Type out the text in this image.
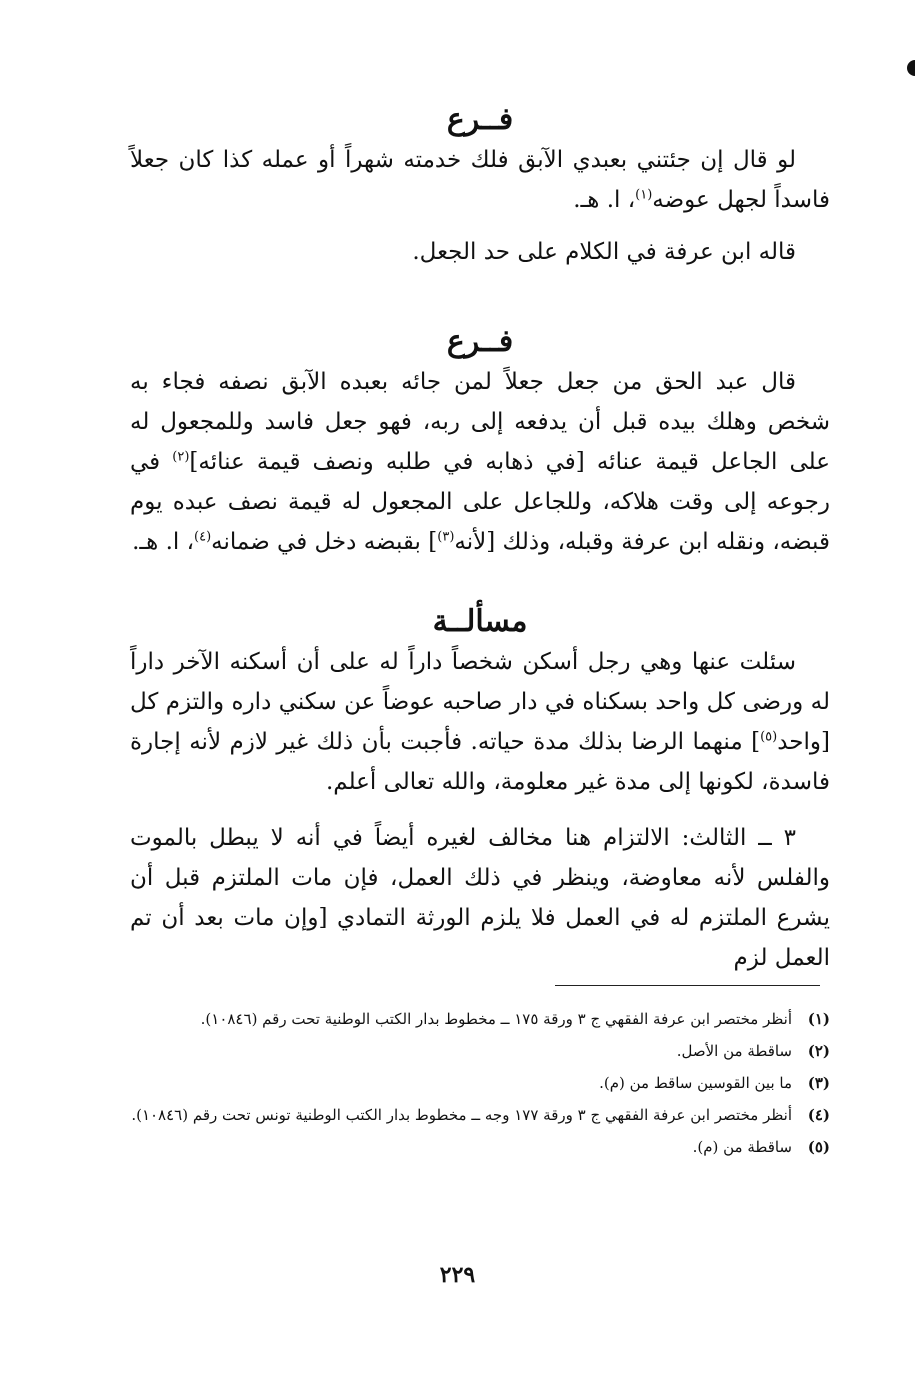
فــرع

لو قال إن جئتني بعبدي الآبق فلك خدمته شهراً أو عمله كذا كان جعلاً فاسداً لجهل عوضه$^{(١)}$، ا. هـ.

قاله ابن عرفة في الكلام على حد الجعل.

فــرع

قال عبد الحق من جعل جعلاً لمن جائه بعبده الآبق نصفه فجاء به شخص وهلك بيده قبل أن يدفعه إلى ربه، فهو جعل فاسد وللمجعول له على الجاعل قيمة عنائه [في ذهابه في طلبه ونصف قيمة عنائه]$^{(٢)}$ في رجوعه إلى وقت هلاكه، وللجاعل على المجعول له قيمة نصف عبده يوم قبضه، ونقله ابن عرفة وقبله، وذلك [لأنه$^{(٣)}$] بقبضه دخل في ضمانه$^{(٤)}$، ا. هـ.

مسألــة

سئلت عنها وهي رجل أسكن شخصاً داراً له على أن أسكنه الآخر داراً له ورضى كل واحد بسكناه في دار صاحبه عوضاً عن سكني داره والتزم كل [واحد$^{(٥)}$] منهما الرضا بذلك مدة حياته. فأجبت بأن ذلك غير لازم لأنه إجارة فاسدة، لكونها إلى مدة غير معلومة، والله تعالى أعلم.

٣ ــ الثالث: الالتزام هنا مخالف لغيره أيضاً في أنه لا يبطل بالموت والفلس لأنه معاوضة، وينظر في ذلك العمل، فإن مات الملتزم قبل أن يشرع الملتزم له في العمل فلا يلزم الورثة التمادي [وإن مات بعد أن تم العمل لزم

(١)
أنظر مختصر ابن عرفة الفقهي ج ٣ ورقة ١٧٥ ــ مخطوط بدار الكتب الوطنية تحت رقم (١٠٨٤٦).
(٢)
ساقطة من الأصل.
(٣)
ما بين القوسين ساقط من (م).
(٤)
أنظر مختصر ابن عرفة الفقهي ج ٣ ورقة ١٧٧ وجه ــ مخطوط بدار الكتب الوطنية تونس تحت رقم (١٠٨٤٦).
(٥)
ساقطة من (م).
٢٢٩
